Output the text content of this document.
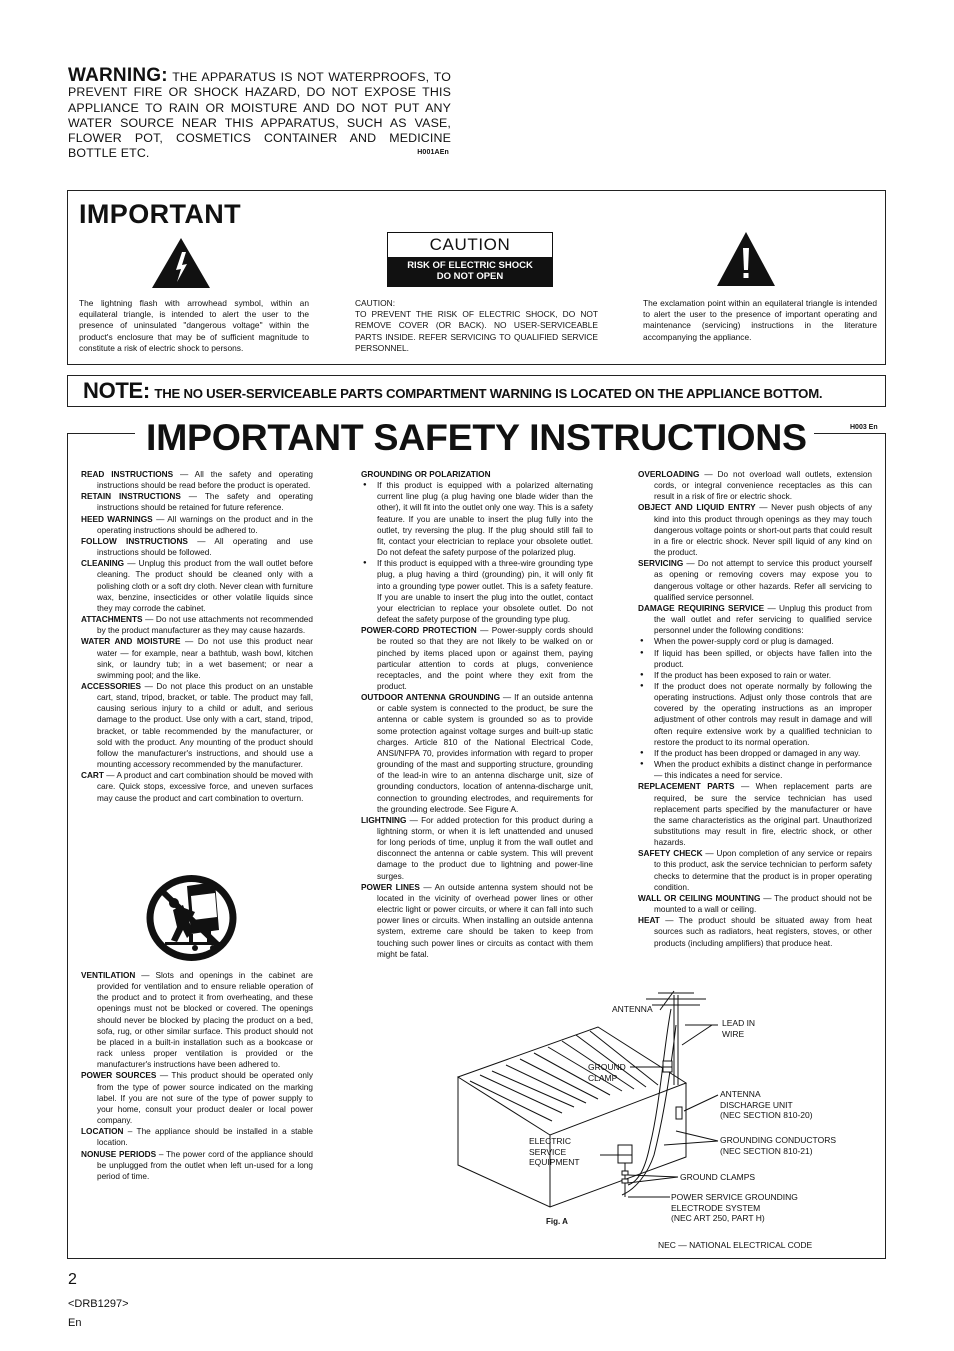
WARNING: THE APPARATUS IS NOT WATERPROOFS, TO PREVENT FIRE OR SHOCK HAZARD, DO NOT EXPOSE THIS APPLIANCE TO RAIN OR MOISTURE AND DO NOT PUT ANY WATER SOURCE NEAR THIS APPARATUS, SUCH AS VASE, FLOWER POT, COSMETICS CONTAINER AND MEDICINE BOTTLE ETC.	H001AEn
IMPORTANT
CAUTION
RISK OF ELECTRIC SHOCK
DO NOT OPEN
The lightning flash with arrowhead symbol, within an equilateral triangle, is intended to alert the user to the presence of uninsulated "dangerous voltage" within the product's enclosure that may be of sufficient magnitude to constitute a risk of electric shock to persons.
CAUTION:
TO PREVENT THE RISK OF ELECTRIC SHOCK, DO NOT REMOVE COVER (OR BACK). NO USER-SERVICEABLE PARTS INSIDE. REFER SERVICING TO QUALIFIED SERVICE PERSONNEL.
The exclamation point within an equilateral triangle is intended to alert the user to the presence of important operating and maintenance (servicing) instructions in the literature accompanying the appliance.
NOTE: THE NO USER-SERVICEABLE PARTS COMPARTMENT WARNING IS LOCATED ON THE APPLIANCE BOTTOM.
IMPORTANT SAFETY INSTRUCTIONS	H003 En
READ INSTRUCTIONS — All the safety and operating instructions should be read before the product is operated.
RETAIN INSTRUCTIONS — The safety and operating instructions should be retained for future reference.
HEED WARNINGS — All warnings on the product and in the operating instructions should be adhered to.
FOLLOW INSTRUCTIONS — All operating and use instructions should be followed.
CLEANING — Unplug this product from the wall outlet before cleaning. The product should be cleaned only with a polishing cloth or a soft dry cloth. Never clean with furniture wax, benzine, insecticides or other volatile liquids since they may corrode the cabinet.
ATTACHMENTS — Do not use attachments not recommended by the product manufacturer as they may cause hazards.
WATER AND MOISTURE — Do not use this product near water — for example, near a bathtub, wash bowl, kitchen sink, or laundry tub; in a wet basement; or near a swimming pool; and the like.
ACCESSORIES — Do not place this product on an unstable cart, stand, tripod, bracket, or table. The product may fall, causing serious injury to a child or adult, and serious damage to the product. Use only with a cart, stand, tripod, bracket, or table recommended by the manufacturer, or sold with the product. Any mounting of the product should follow the manufacturer's instructions, and should use a mounting accessory recommended by the manufacturer.
CART — A product and cart combination should be moved with care. Quick stops, excessive force, and uneven surfaces may cause the product and cart combination to overturn.
VENTILATION — Slots and openings in the cabinet are provided for ventilation and to ensure reliable operation of the product and to protect it from overheating, and these openings must not be blocked or covered. The openings should never be blocked by placing the product on a bed, sofa, rug, or other similar surface. This product should not be placed in a built-in installation such as a bookcase or rack unless proper ventilation is provided or the manufacturer's instructions have been adhered to.
POWER SOURCES — This product should be operated only from the type of power source indicated on the marking label. If you are not sure of the type of power supply to your home, consult your product dealer or local power company.
LOCATION – The appliance should be installed in a stable location.
NONUSE PERIODS – The power cord of the appliance should be unplugged from the outlet when left un-used for a long period of time.
GROUNDING OR POLARIZATION
● If this product is equipped with a polarized alternating current line plug (a plug having one blade wider than the other), it will fit into the outlet only one way. This is a safety feature. If you are unable to insert the plug fully into the outlet, try reversing the plug. If the plug should still fail to fit, contact your electrician to replace your obsolete outlet. Do not defeat the safety purpose of the polarized plug.
● If this product is equipped with a three-wire grounding type plug, a plug having a third (grounding) pin, it will only fit into a grounding type power outlet. This is a safety feature. If you are unable to insert the plug into the outlet, contact your electrician to replace your obsolete outlet. Do not defeat the safety purpose of the grounding type plug.
POWER-CORD PROTECTION — Power-supply cords should be routed so that they are not likely to be walked on or pinched by items placed upon or against them, paying particular attention to cords at plugs, convenience receptacles, and the point where they exit from the product.
OUTDOOR ANTENNA GROUNDING — If an outside antenna or cable system is connected to the product, be sure the antenna or cable system is grounded so as to provide some protection against voltage surges and built-up static charges. Article 810 of the National Electrical Code, ANSI/NFPA 70, provides information with regard to proper grounding of the mast and supporting structure, grounding of the lead-in wire to an antenna discharge unit, size of grounding conductors, location of antenna-discharge unit, connection to grounding electrodes, and requirements for the grounding electrode. See Figure A.
LIGHTNING — For added protection for this product during a lightning storm, or when it is left unattended and unused for long periods of time, unplug it from the wall outlet and disconnect the antenna or cable system. This will prevent damage to the product due to lightning and power-line surges.
POWER LINES — An outside antenna system should not be located in the vicinity of overhead power lines or other electric light or power circuits, or where it can fall into such power lines or circuits. When installing an outside antenna system, extreme care should be taken to keep from touching such power lines or circuits as contact with them might be fatal.
OVERLOADING — Do not overload wall outlets, extension cords, or integral convenience receptacles as this can result in a risk of fire or electric shock.
OBJECT AND LIQUID ENTRY — Never push objects of any kind into this product through openings as they may touch dangerous voltage points or short-out parts that could result in a fire or electric shock. Never spill liquid of any kind on the product.
SERVICING — Do not attempt to service this product yourself as opening or removing covers may expose you to dangerous voltage or other hazards. Refer all servicing to qualified service personnel.
DAMAGE REQUIRING SERVICE — Unplug this product from the wall outlet and refer servicing to qualified service personnel under the following conditions:
● When the power-supply cord or plug is damaged.
● If liquid has been spilled, or objects have fallen into the product.
● If the product has been exposed to rain or water.
● If the product does not operate normally by following the operating instructions. Adjust only those controls that are covered by the operating instructions as an improper adjustment of other controls may result in damage and will often require extensive work by a qualified technician to restore the product to its normal operation.
● If the product has been dropped or damaged in any way.
● When the product exhibits a distinct change in performance — this indicates a need for service.
REPLACEMENT PARTS — When replacement parts are required, be sure the service technician has used replacement parts specified by the manufacturer or have the same characteristics as the original part. Unauthorized substitutions may result in fire, electric shock, or other hazards.
SAFETY CHECK — Upon completion of any service or repairs to this product, ask the service technician to perform safety checks to determine that the product is in proper operating condition.
WALL OR CEILING MOUNTING — The product should not be mounted to a wall or ceiling.
HEAT — The product should be situated away from heat sources such as radiators, heat registers, stoves, or other products (including amplifiers) that produce heat.
ANTENNA
LEAD IN
WIRE
GROUND
CLAMP
ANTENNA
DISCHARGE UNIT
(NEC SECTION 810-20)
ELECTRIC
SERVICE
EQUIPMENT
GROUNDING CONDUCTORS
(NEC SECTION 810-21)
GROUND CLAMPS
POWER SERVICE GROUNDING
ELECTRODE SYSTEM
(NEC ART 250, PART H)
Fig. A
NEC — NATIONAL ELECTRICAL CODE
2
<DRB1297>
En
